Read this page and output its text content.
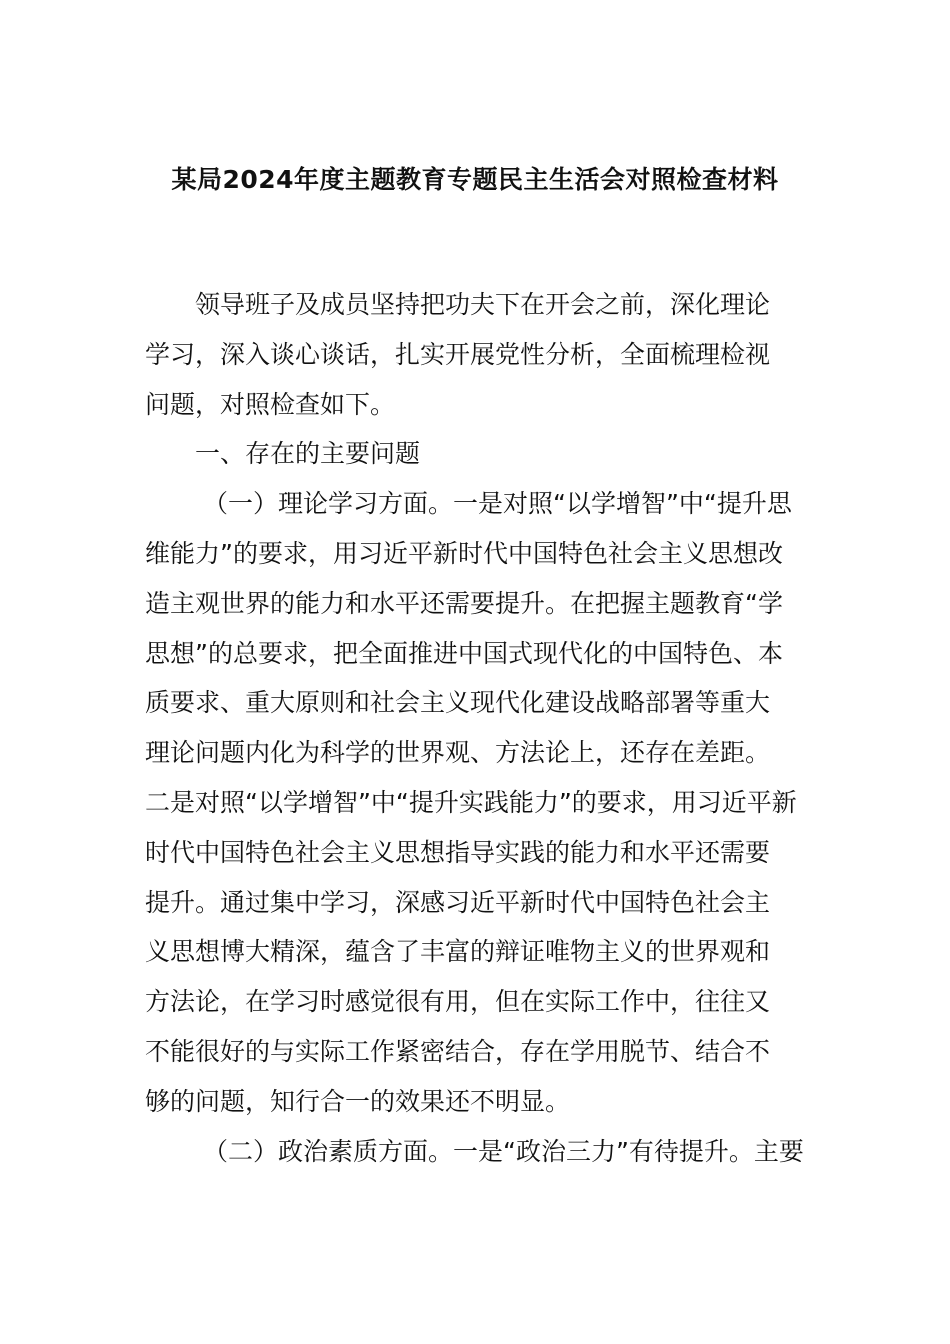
某局2024年度主题教育专题民主生活会对照检查材料

领导班子及成员坚持把功夫下在开会之前，深化理论
学习，深入谈心谈话，扎实开展党性分析，全面梳理检视
问题，对照检查如下。

一、存在的主要问题

（一）理论学习方面。一是对照“以学增智”中“提升思
维能力”的要求，用习近平新时代中国特色社会主义思想改
造主观世界的能力和水平还需要提升。在把握主题教育“学
思想”的总要求，把全面推进中国式现代化的中国特色、本
质要求、重大原则和社会主义现代化建设战略部署等重大
理论问题内化为科学的世界观、方法论上，还存在差距。
二是对照“以学增智”中“提升实践能力”的要求，用习近平新
时代中国特色社会主义思想指导实践的能力和水平还需要
提升。通过集中学习，深感习近平新时代中国特色社会主
义思想博大精深，蕴含了丰富的辩证唯物主义的世界观和
方法论，在学习时感觉很有用，但在实际工作中，往往又
不能很好的与实际工作紧密结合，存在学用脱节、结合不
够的问题，知行合一的效果还不明显。

（二）政治素质方面。一是“政治三力”有待提升。主要
